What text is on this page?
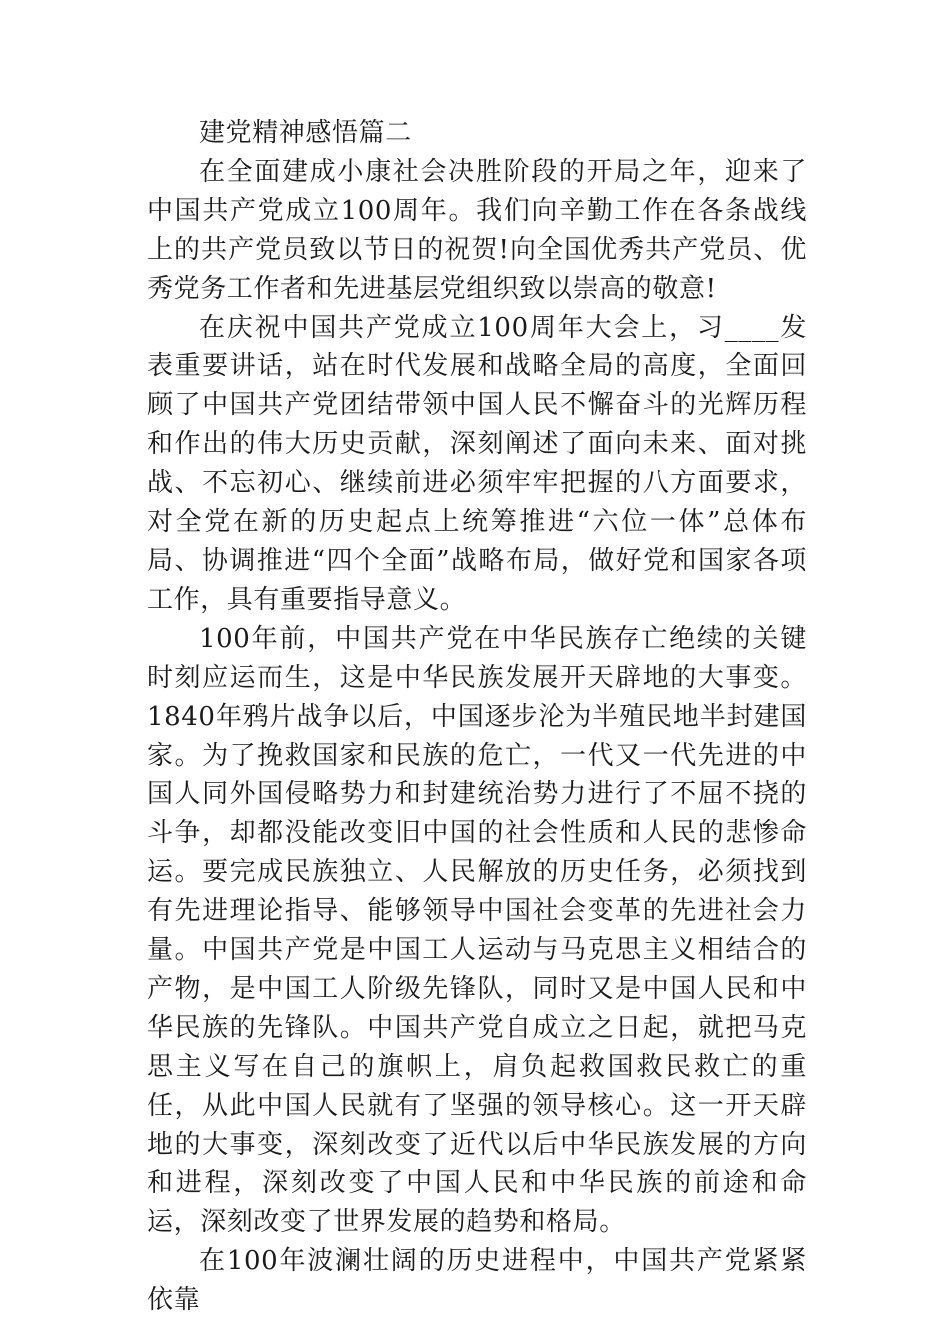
建党精神感悟篇二

在全面建成小康社会决胜阶段的开局之年，迎来了中国共产党成立100周年。我们向辛勤工作在各条战线上的共产党员致以节日的祝贺!向全国优秀共产党员、优秀党务工作者和先进基层党组织致以崇高的敬意!

在庆祝中国共产党成立100周年大会上，习____发表重要讲话，站在时代发展和战略全局的高度，全面回顾了中国共产党团结带领中国人民不懈奋斗的光辉历程和作出的伟大历史贡献，深刻阐述了面向未来、面对挑战、不忘初心、继续前进必须牢牢把握的八方面要求，对全党在新的历史起点上统筹推进“六位一体”总体布局、协调推进“四个全面”战略布局，做好党和国家各项工作，具有重要指导意义。

100年前，中国共产党在中华民族存亡绝续的关键时刻应运而生，这是中华民族发展开天辟地的大事变。1840年鸦片战争以后，中国逐步沦为半殖民地半封建国家。为了挽救国家和民族的危亡，一代又一代先进的中国人同外国侵略势力和封建统治势力进行了不屈不挠的斗争，却都没能改变旧中国的社会性质和人民的悲惨命运。要完成民族独立、人民解放的历史任务，必须找到有先进理论指导、能够领导中国社会变革的先进社会力量。中国共产党是中国工人运动与马克思主义相结合的产物，是中国工人阶级先锋队，同时又是中国人民和中华民族的先锋队。中国共产党自成立之日起，就把马克思主义写在自己的旗帜上，肩负起救国救民救亡的重任，从此中国人民就有了坚强的领导核心。这一开天辟地的大事变，深刻改变了近代以后中华民族发展的方向和进程，深刻改变了中国人民和中华民族的前途和命运，深刻改变了世界发展的趋势和格局。

在100年波澜壮阔的历史进程中，中国共产党紧紧依靠
